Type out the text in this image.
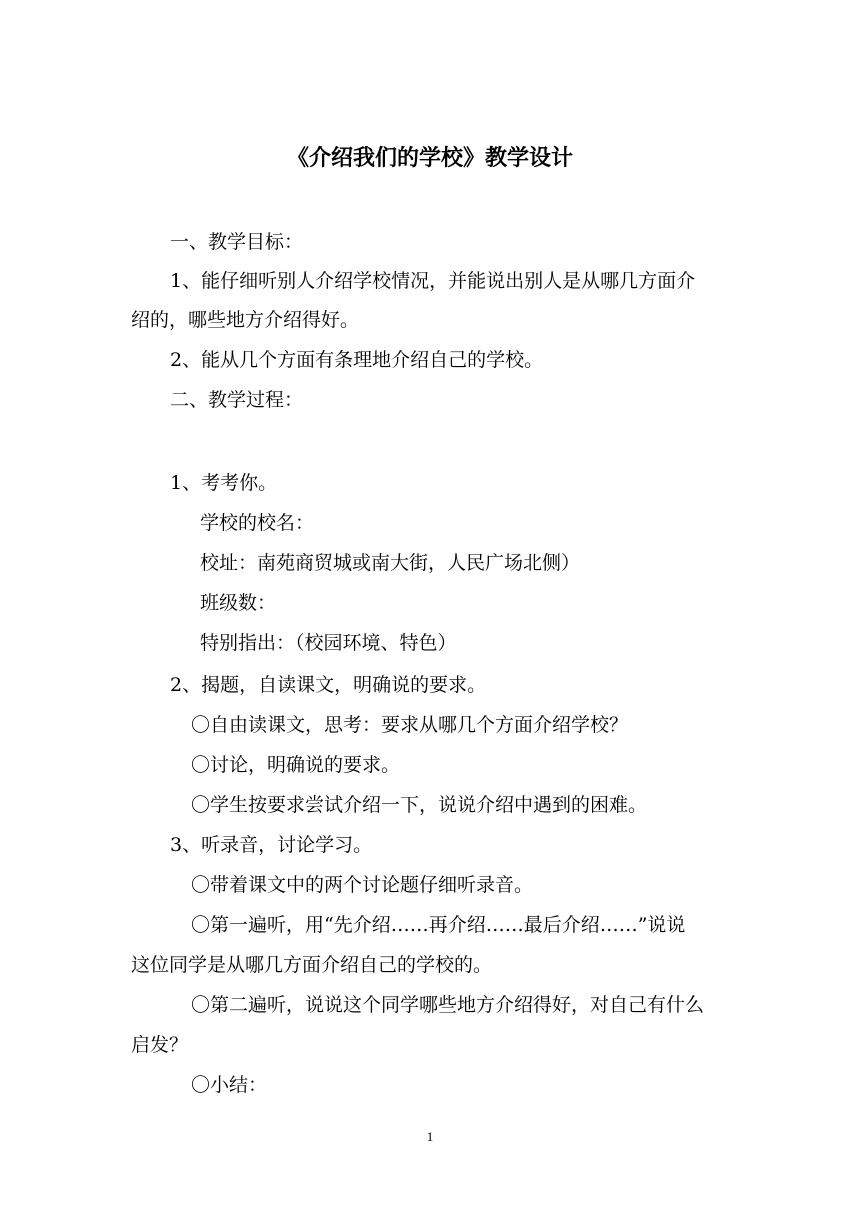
《介绍我们的学校》教学设计
一、教学目标：
1、能仔细听别人介绍学校情况，并能说出别人是从哪几方面介
绍的，哪些地方介绍得好。
2、能从几个方面有条理地介绍自己的学校。
二、教学过程：
1、考考你。
学校的校名：
校址：南苑商贸城或南大街，人民广场北侧）
班级数：
特别指出：（校园环境、特色）
2、揭题，自读课文，明确说的要求。
〇自由读课文，思考：要求从哪几个方面介绍学校？
〇讨论，明确说的要求。
〇学生按要求尝试介绍一下，说说介绍中遇到的困难。
3、听录音，讨论学习。
〇带着课文中的两个讨论题仔细听录音。
〇第一遍听，用“先介绍……再介绍……最后介绍……”说说
这位同学是从哪几方面介绍自己的学校的。
〇第二遍听，说说这个同学哪些地方介绍得好，对自己有什么
启发？
〇小结：
1
